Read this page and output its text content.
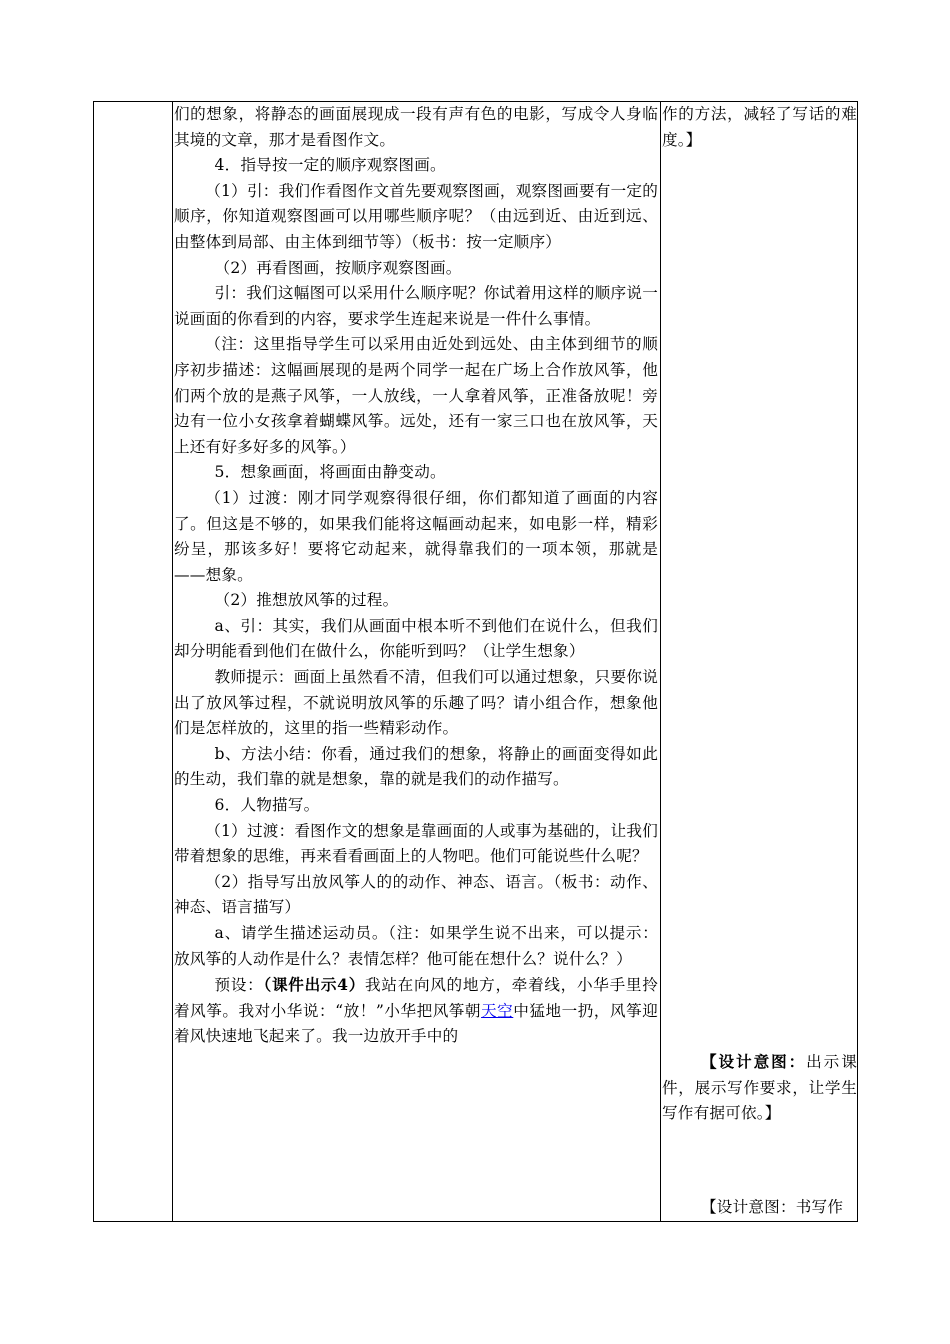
们的想象，将静态的画面展现成一段有声有色的电影，写成令人身临其境的文章，那才是看图作文。

4．指导按一定的顺序观察图画。

（1）引：我们作看图作文首先要观察图画，观察图画要有一定的顺序，你知道观察图画可以用哪些顺序呢？（由远到近、由近到远、由整体到局部、由主体到细节等）（板书：按一定顺序）

（2）再看图画，按顺序观察图画。

引：我们这幅图可以采用什么顺序呢？你试着用这样的顺序说一说画面的你看到的内容，要求学生连起来说是一件什么事情。

（注：这里指导学生可以采用由近处到远处、由主体到细节的顺序初步描述：这幅画展现的是两个同学一起在广场上合作放风筝，他们两个放的是燕子风筝，一人放线，一人拿着风筝，正准备放呢！旁边有一位小女孩拿着蝴蝶风筝。远处，还有一家三口也在放风筝，天上还有好多好多的风筝。）

5．想象画面，将画面由静变动。

（1）过渡：刚才同学观察得很仔细，你们都知道了画面的内容了。但这是不够的，如果我们能将这幅画动起来，如电影一样，精彩纷呈，那该多好！要将它动起来，就得靠我们的一项本领，那就是——想象。

（2）推想放风筝的过程。

a、引：其实，我们从画面中根本听不到他们在说什么，但我们却分明能看到他们在做什么，你能听到吗？（让学生想象）

教师提示：画面上虽然看不清，但我们可以通过想象，只要你说出了放风筝过程，不就说明放风筝的乐趣了吗？请小组合作，想象他们是怎样放的，这里的指一些精彩动作。

b、方法小结：你看，通过我们的想象，将静止的画面变得如此的生动，我们靠的就是想象，靠的就是我们的动作描写。

6．人物描写。

（1）过渡：看图作文的想象是靠画面的人或事为基础的，让我们带着想象的思维，再来看看画面上的人物吧。他们可能说些什么呢？

（2）指导写出放风筝人的的动作、神态、语言。（板书：动作、神态、语言描写）

a、请学生描述运动员。（注：如果学生说不出来，可以提示：放风筝的人动作是什么？表情怎样？他可能在想什么？说什么？）

预设：（课件出示4）我站在向风的地方，牵着线，小华手里拎着风筝。我对小华说：“放！”小华把风筝朝天空中猛地一扔，风筝迎着风快速地飞起来了。我一边放开手中的

作的方法，减轻了写话的难度。】

【设计意图：出示课件，展示写作要求，让学生写作有据可依。】

【设计意图：书写作
